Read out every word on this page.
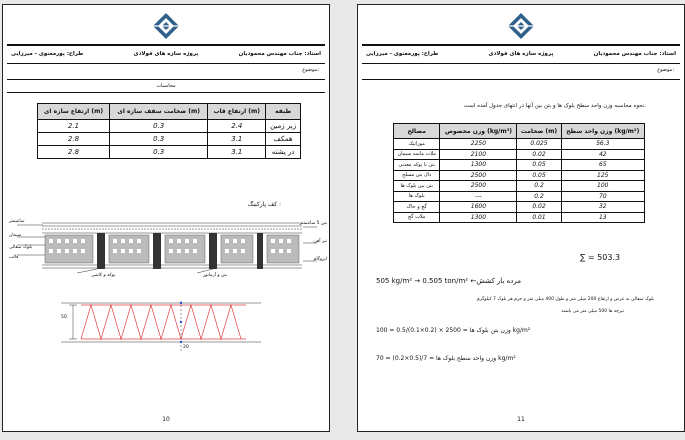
استاد: جناب مهندس محمودیان
پروژه سازه های فولادی
طراح: پورمعنوی - میرزایی
موضوع:
محاسبات
ارتفاع سازه ای (m)	ضخامت سقف سازه ای (m)	ارتفاع قاب (m)	طبقه
2.1	0.3	2.4	زیر زمین
2.8	0.3	3.1	همکف
2.8	0.3	3.1	در پشته
کف پارکینگ :
سانتیمتر
سیمان
بلوک سفالی
قالب
بتن 5 سانتیمتر
تیر آهن
ایزوگام
پوکه و کاشی	بتن و آرماتور
50
20
10
استاد: جناب مهندس محمودیان
پروژه سازه های فولادی
طراح: پورمعنوی - میرزایی
موضوع:
نحوه محاسبه وزن واحد سطح بلوک ها و بتن بین آنها در انتهای جدول آمده است.
مصالح	وزن مخصوص (kg/m³)	ضخامت (m)	وزن واحد سطح (kg/m²)
موزائیک	2250	0.025	56.3
ملات ماسه سیمان	2100	0.02	42
بتن با پوکه معدنی	1300	0.05	65
دال بتن مسلح	2500	0.05	125
بتن بین بلوک ها	2500	0.2	100
بلوک ها	---	0.2	70
گچ و خاک	1600	0.02	32
ملات گچ	1300	0.01	13
∑ = 503.3
505 kg/m² → 0.505 ton/m² ←مرده بار کشش
بلوک سفالی به عرض و ارتفاع 200 میلی متر و طول 400 میلی متر و جرم هر بلوک 7 کیلوگرم
تیرچه ها 500 میلی متر می باشند
وزن بتن بلوک ها = 2500 × (0.2×0.1)/0.5 = 100 kg/m²
وزن واحد سطح بلوک ها = 7/(0.5×0.2) = 70 kg/m²
11
